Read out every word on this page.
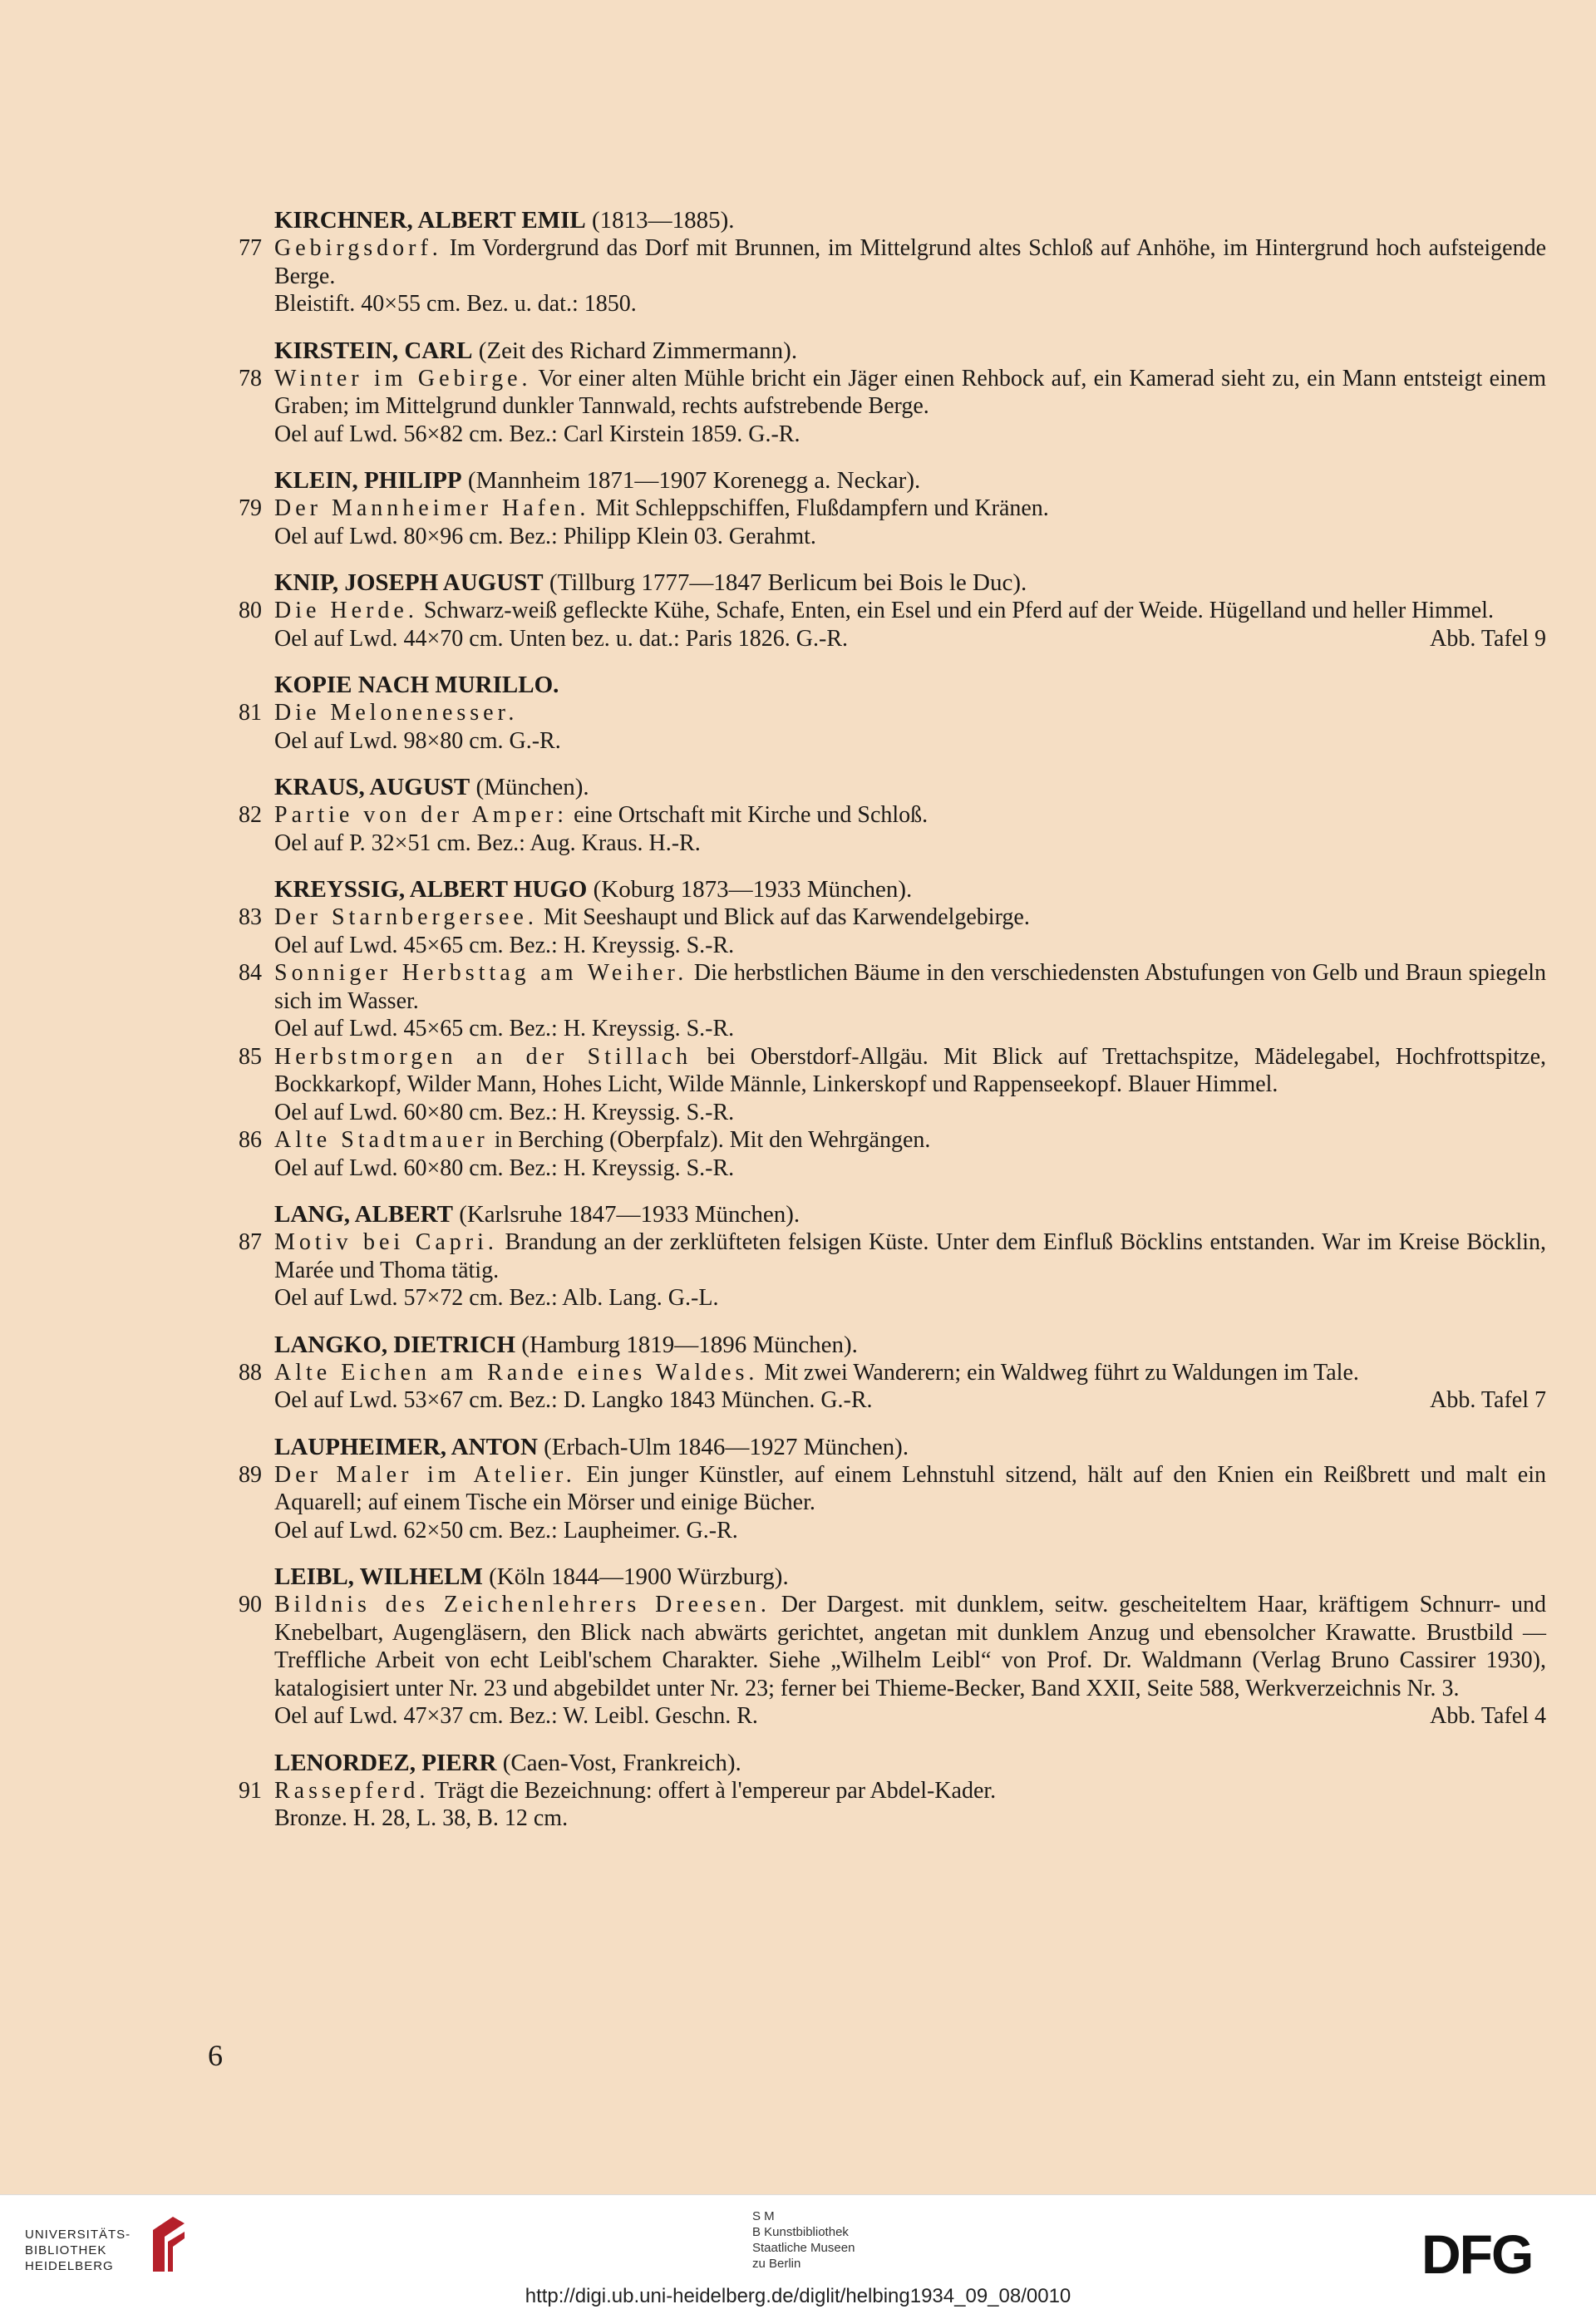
KIRCHNER, ALBERT EMIL (1813—1885).
77 Gebirgsdorf. Im Vordergrund das Dorf mit Brunnen, im Mittelgrund altes Schloß auf Anhöhe, im Hintergrund hoch aufsteigende Berge.
Bleistift. 40×55 cm. Bez. u. dat.: 1850.
KIRSTEIN, CARL (Zeit des Richard Zimmermann).
78 Winter im Gebirge. Vor einer alten Mühle bricht ein Jäger einen Rehbock auf, ein Kamerad sieht zu, ein Mann entsteigt einem Graben; im Mittelgrund dunkler Tannwald, rechts aufstrebende Berge.
Oel auf Lwd. 56×82 cm. Bez.: Carl Kirstein 1859. G.-R.
KLEIN, PHILIPP (Mannheim 1871—1907 Korenegg a. Neckar).
79 Der Mannheimer Hafen. Mit Schleppschiffen, Flußdampfern und Kränen.
Oel auf Lwd. 80×96 cm. Bez.: Philipp Klein 03. Gerahmt.
KNIP, JOSEPH AUGUST (Tillburg 1777—1847 Berlicum bei Bois le Duc).
80 Die Herde. Schwarz-weiß gefleckte Kühe, Schafe, Enten, ein Esel und ein Pferd auf der Weide. Hügelland und heller Himmel.
Oel auf Lwd. 44×70 cm. Unten bez. u. dat.: Paris 1826. G.-R.	Abb. Tafel 9
KOPIE NACH MURILLO.
81 Die Melonenesser.
Oel auf Lwd. 98×80 cm. G.-R.
KRAUS, AUGUST (München).
82 Partie von der Amper: eine Ortschaft mit Kirche und Schloß.
Oel auf P. 32×51 cm. Bez.: Aug. Kraus. H.-R.
KREYSSIG, ALBERT HUGO (Koburg 1873—1933 München).
83 Der Starnbergersee. Mit Seeshaupt und Blick auf das Karwendelgebirge.
Oel auf Lwd. 45×65 cm. Bez.: H. Kreyssig. S.-R.
84 Sonniger Herbsttag am Weiher. Die herbstlichen Bäume in den verschiedensten Abstufungen von Gelb und Braun spiegeln sich im Wasser.
Oel auf Lwd. 45×65 cm. Bez.: H. Kreyssig. S.-R.
85 Herbstmorgen an der Stillach bei Oberstdorf-Allgäu. Mit Blick auf Trettachspitze, Mädelegabel, Hochfrottspitze, Bockkarkopf, Wilder Mann, Hohes Licht, Wilde Männle, Linkerskopf und Rappenseekopf. Blauer Himmel.
Oel auf Lwd. 60×80 cm. Bez.: H. Kreyssig. S.-R.
86 Alte Stadtmauer in Berching (Oberpfalz). Mit den Wehrgängen.
Oel auf Lwd. 60×80 cm. Bez.: H. Kreyssig. S.-R.
LANG, ALBERT (Karlsruhe 1847—1933 München).
87 Motiv bei Capri. Brandung an der zerklüfteten felsigen Küste. Unter dem Einfluß Böcklins entstanden. War im Kreise Böcklin, Marée und Thoma tätig.
Oel auf Lwd. 57×72 cm. Bez.: Alb. Lang. G.-L.
LANGKO, DIETRICH (Hamburg 1819—1896 München).
88 Alte Eichen am Rande eines Waldes. Mit zwei Wanderern; ein Waldweg führt zu Waldungen im Tale.
Oel auf Lwd. 53×67 cm. Bez.: D. Langko 1843 München. G.-R.	Abb. Tafel 7
LAUPHEIMER, ANTON (Erbach-Ulm 1846—1927 München).
89 Der Maler im Atelier. Ein junger Künstler, auf einem Lehnstuhl sitzend, hält auf den Knien ein Reißbrett und malt ein Aquarell; auf einem Tische ein Mörser und einige Bücher.
Oel auf Lwd. 62×50 cm. Bez.: Laupheimer. G.-R.
LEIBL, WILHELM (Köln 1844—1900 Würzburg).
90 Bildnis des Zeichenlehrers Dreesen. Der Dargest. mit dunklem, seitw. gescheiteltem Haar, kräftigem Schnurr- und Knebelbart, Augengläsern, den Blick nach abwärts gerichtet, angetan mit dunklem Anzug und ebensolcher Krawatte. Brustbild — Treffliche Arbeit von echt Leibl'schem Charakter. Siehe „Wilhelm Leibl“ von Prof. Dr. Waldmann (Verlag Bruno Cassirer 1930), katalogisiert unter Nr. 23 und abgebildet unter Nr. 23; ferner bei Thieme-Becker, Band XXII, Seite 588, Werkverzeichnis Nr. 3.
Oel auf Lwd. 47×37 cm. Bez.: W. Leibl. Geschn. R.	Abb. Tafel 4
LENORDEZ, PIERR (Caen-Vost, Frankreich).
91 Rassepferd. Trägt die Bezeichnung: offert à l'empereur par Abdel-Kader.
Bronze. H. 28, L. 38, B. 12 cm.
6
UNIVERSITÄTS-
BIBLIOTHEK
HEIDELBERG
S M
B Kunstbibliothek
Staatliche Museen
zu Berlin	DFG
http://digi.ub.uni-heidelberg.de/diglit/helbing1934_09_08/0010
